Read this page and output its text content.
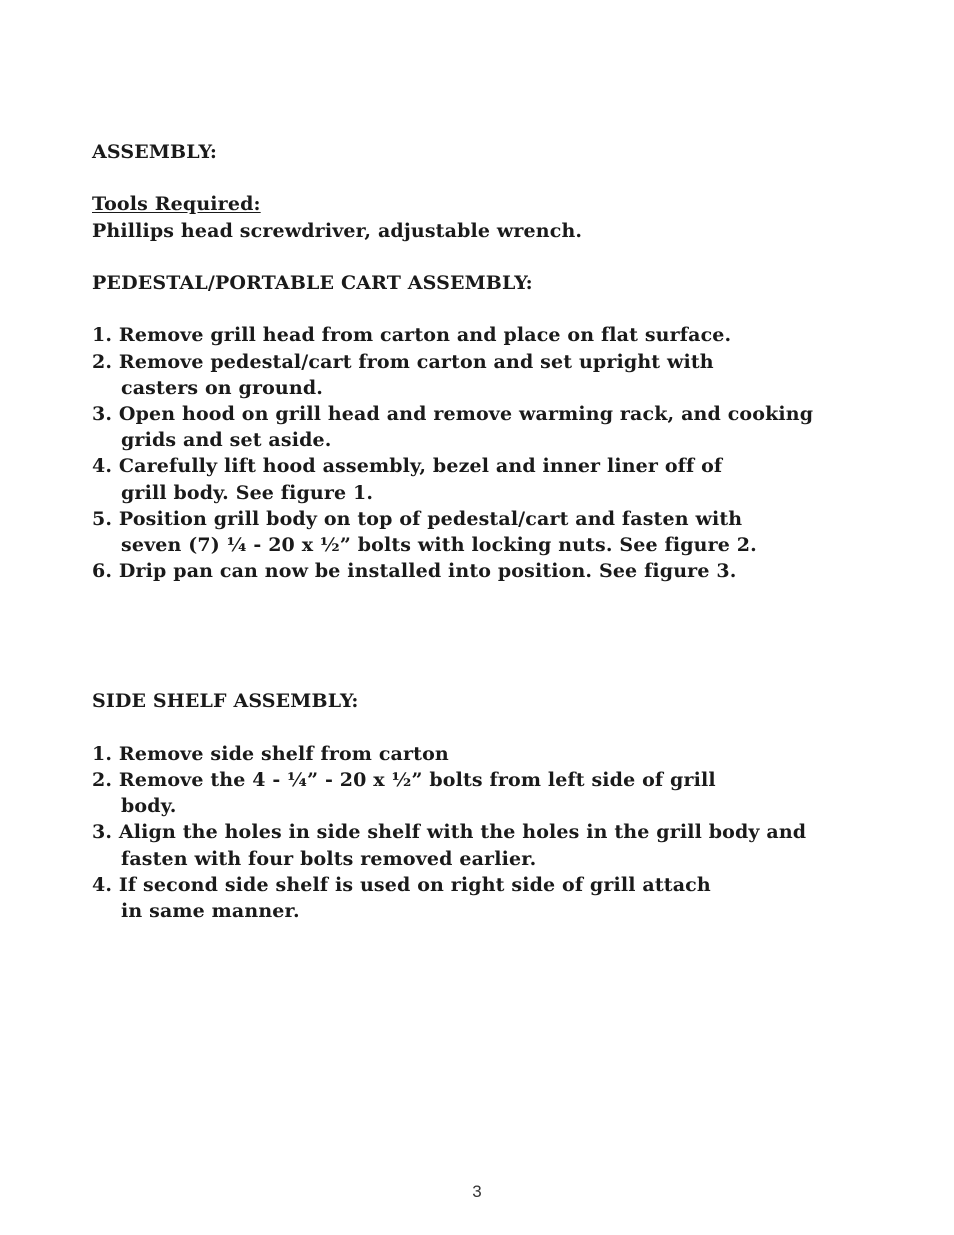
ASSEMBLY:
Tools Required:
Phillips head screwdriver, adjustable wrench.
PEDESTAL/PORTABLE CART ASSEMBLY:
1. Remove grill head from carton and place on flat surface.
2. Remove pedestal/cart from carton and set upright with
casters on ground.
3. Open hood on grill head and remove warming rack, and cooking
grids and set aside.
4. Carefully lift hood assembly, bezel and inner liner off of
grill body. See figure 1.
5. Position grill body on top of pedestal/cart and fasten with
seven (7) ¼ - 20 x ½” bolts with locking nuts. See figure 2.
6. Drip pan can now be installed into position. See figure 3.
SIDE SHELF ASSEMBLY:
1. Remove side shelf from carton
2. Remove the 4 - ¼” - 20 x ½” bolts from left side of grill
body.
3. Align the holes in side shelf with the holes in the grill body and
fasten with four bolts removed earlier.
4. If second side shelf is used on right side of grill attach
in same manner.
3
